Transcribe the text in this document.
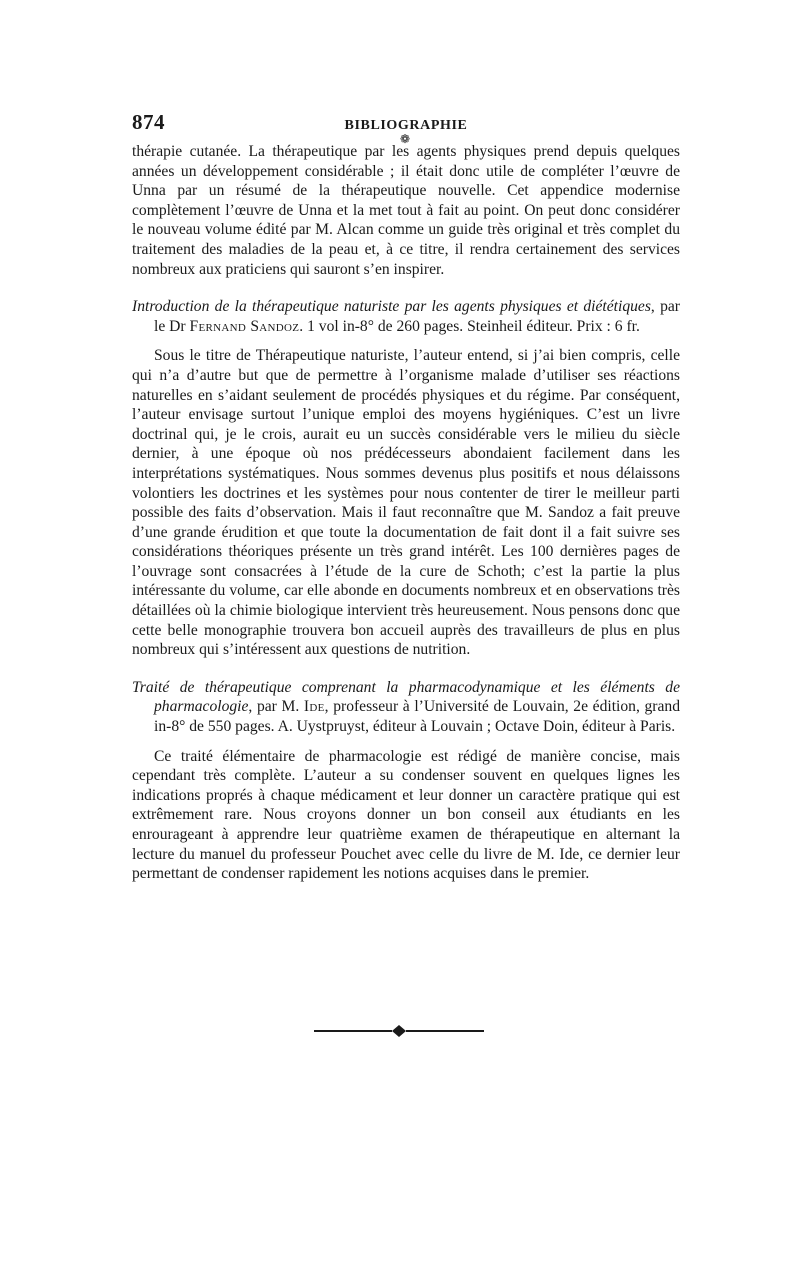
874	BIBLIOGRAPHIE
❁

thérapie cutanée. La thérapeutique par les agents physiques prend depuis quelques années un développement considérable ; il était donc utile de compléter l’œuvre de Unna par un résumé de la thérapeutique nouvelle. Cet appendice modernise complètement l’œuvre de Unna et la met tout à fait au point. On peut donc considérer le nouveau volume édité par M. Alcan comme un guide très original et très complet du traitement des maladies de la peau et, à ce titre, il rendra certainement des services nombreux aux praticiens qui sauront s’en inspirer.

Introduction de la thérapeutique naturiste par les agents physiques et diététiques, par le Dr Fernand Sandoz. 1 vol in-8° de 260 pages. Steinheil éditeur. Prix : 6 fr.

Sous le titre de Thérapeutique naturiste, l’auteur entend, si j’ai bien compris, celle qui n’a d’autre but que de permettre à l’organisme malade d’utiliser ses réactions naturelles en s’aidant seulement de procédés physiques et du régime. Par conséquent, l’auteur envisage surtout l’unique emploi des moyens hygiéniques. C’est un livre doctrinal qui, je le crois, aurait eu un succès considérable vers le milieu du siècle dernier, à une époque où nos prédécesseurs abondaient facilement dans les interprétations systématiques. Nous sommes devenus plus positifs et nous délaissons volontiers les doctrines et les systèmes pour nous contenter de tirer le meilleur parti possible des faits d’observation. Mais il faut reconnaître que M. Sandoz a fait preuve d’une grande érudition et que toute la documentation de fait dont il a fait suivre ses considérations théoriques présente un très grand intérêt. Les 100 dernières pages de l’ouvrage sont consacrées à l’étude de la cure de Schoth; c’est la partie la plus intéressante du volume, car elle abonde en documents nombreux et en observations très détaillées où la chimie biologique intervient très heureusement. Nous pensons donc que cette belle monographie trouvera bon accueil auprès des travailleurs de plus en plus nombreux qui s’intéressent aux questions de nutrition.

Traité de thérapeutique comprenant la pharmacodynamique et les éléments de pharmacologie, par M. Ide, professeur à l’Université de Louvain, 2e édition, grand in-8° de 550 pages. A. Uystpruyst, éditeur à Louvain ; Octave Doin, éditeur à Paris.

Ce traité élémentaire de pharmacologie est rédigé de manière concise, mais cependant très complète. L’auteur a su condenser souvent en quelques lignes les indications proprés à chaque médicament et leur donner un caractère pratique qui est extrêmement rare. Nous croyons donner un bon conseil aux étudiants en les enrourageant à apprendre leur quatrième examen de thérapeutique en alternant la lecture du manuel du professeur Pouchet avec celle du livre de M. Ide, ce dernier leur permettant de condenser rapidement les notions acquises dans le premier.
